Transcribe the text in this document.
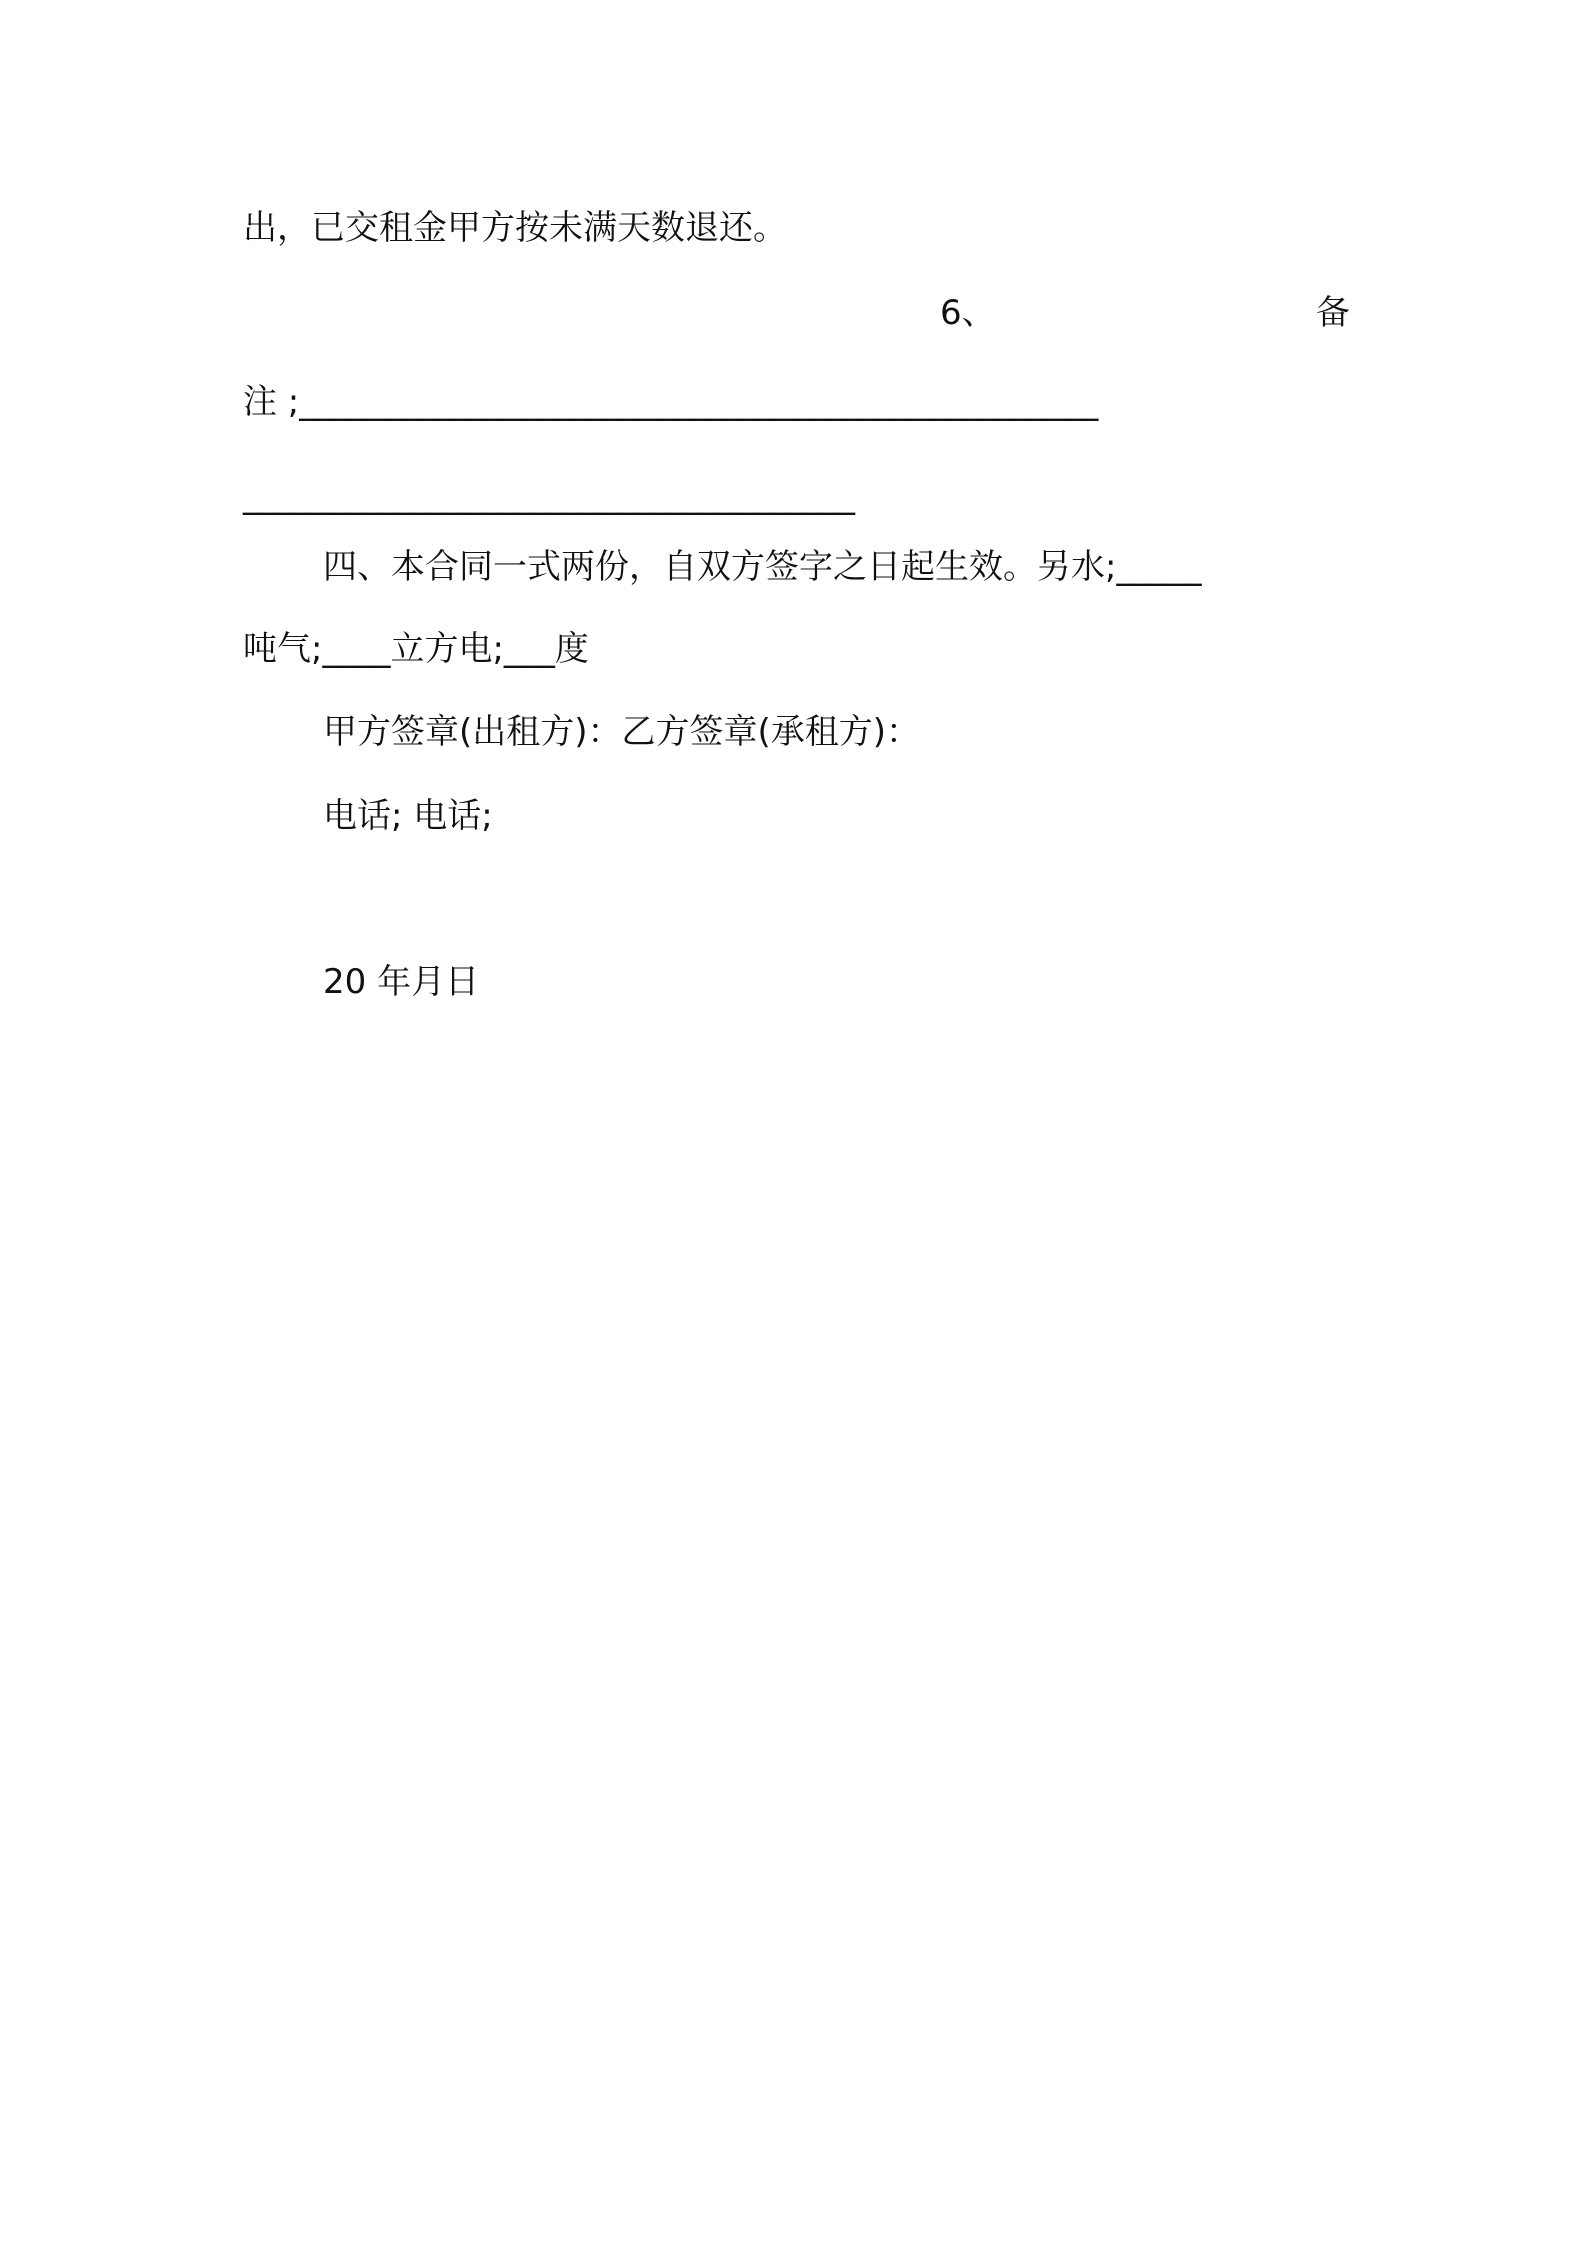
出，已交租金甲方按未满天数退还。
6、	备
注 ;_______________________________________________
____________________________________
四、本合同一式两份，自双方签字之日起生效。另水;_____
吨气;____立方电;___度
甲方签章(出租方)：乙方签章(承租方)：
电话; 电话;
20 年月日
